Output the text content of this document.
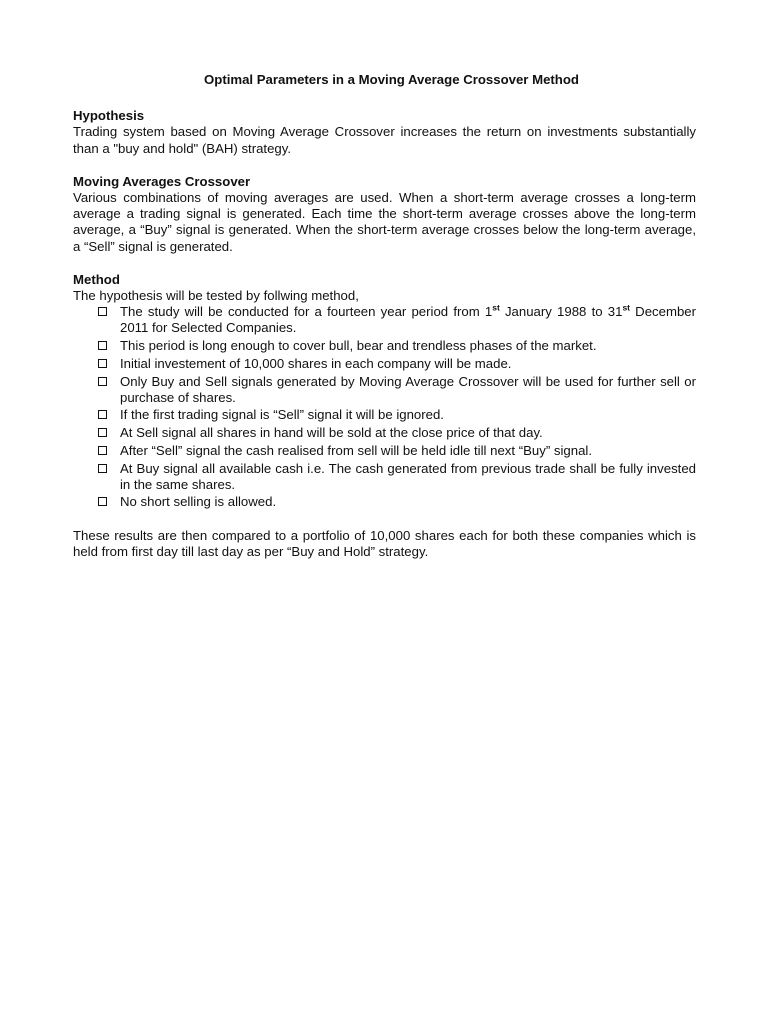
Optimal Parameters in a Moving Average Crossover Method

Hypothesis

Trading system based on Moving Average Crossover increases the return on investments substantially than a "buy and hold" (BAH) strategy.

Moving Averages Crossover

Various combinations of moving averages are used. When a short-term average crosses a long-term average a trading signal is generated. Each time the short-term average crosses above the long-term average, a “Buy” signal is generated. When the short-term average crosses below the long-term average, a “Sell” signal is generated.

Method

The hypothesis will be tested by follwing method,

The study will be conducted for a fourteen year period from 1st January 1988 to 31st December 2011 for Selected Companies.
This period is long enough to cover bull, bear and trendless phases of the market.
Initial investement of 10,000 shares in each company will be made.
Only Buy and Sell signals generated by Moving Average Crossover will be used for further sell or purchase of shares.
If the first trading signal is “Sell” signal it will be ignored.
At Sell signal all shares in hand will be sold at the close price of that day.
After “Sell” signal the cash realised from sell will be held idle till next “Buy” signal.
At Buy signal all available cash i.e. The cash generated from previous trade shall be fully invested in the same shares.
No short selling is allowed.

These results are then compared to a portfolio of 10,000 shares each for both these companies which is held from first day till last day as per “Buy and Hold” strategy.
